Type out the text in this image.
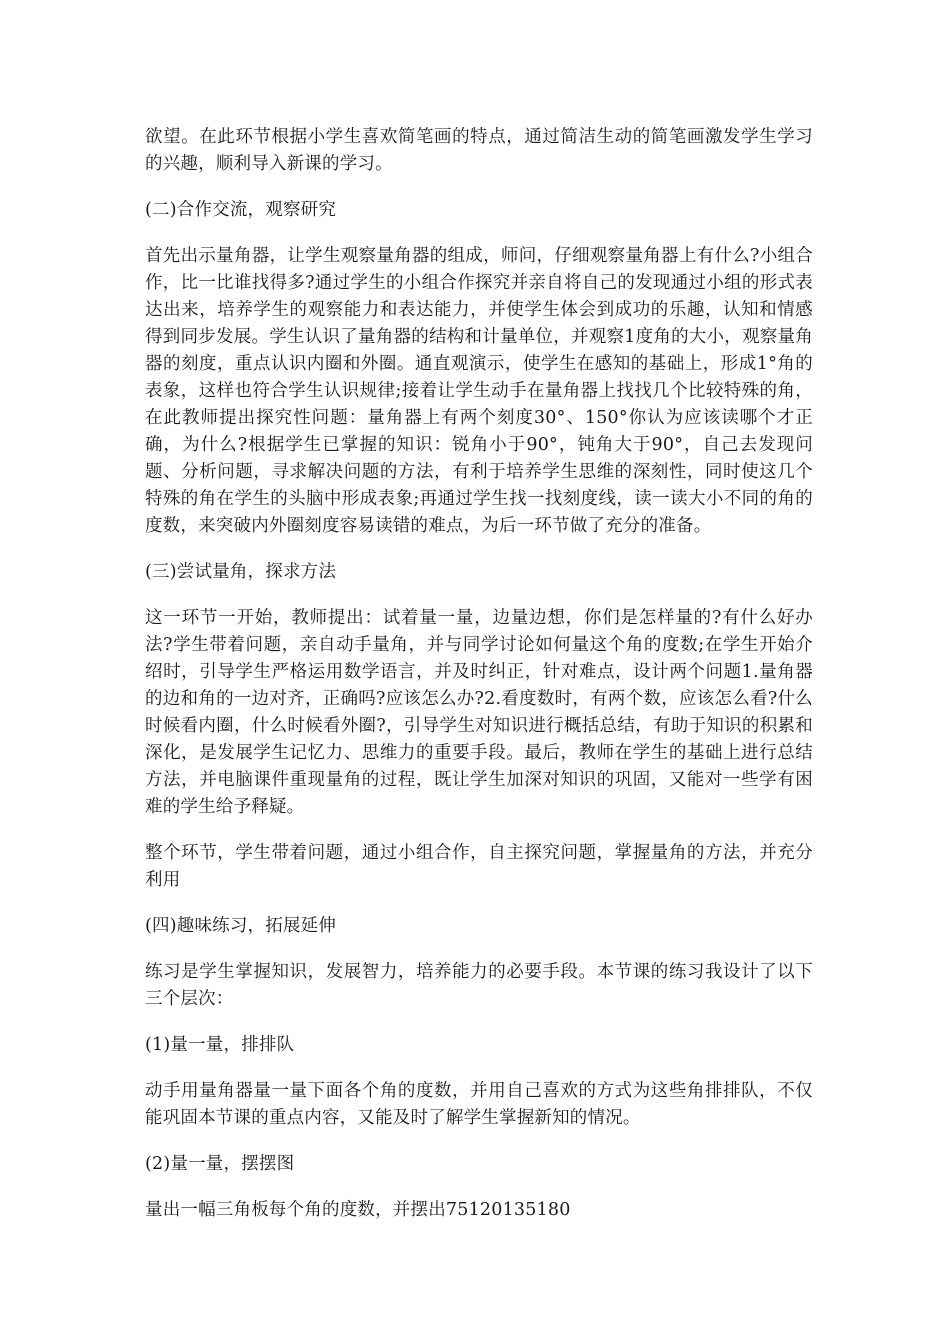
欲望。在此环节根据小学生喜欢简笔画的特点，通过简洁生动的简笔画激发学生学习的兴趣，顺利导入新课的学习。

(二)合作交流，观察研究

首先出示量角器，让学生观察量角器的组成，师问，仔细观察量角器上有什么?小组合作，比一比谁找得多?通过学生的小组合作探究并亲自将自己的发现通过小组的形式表达出来，培养学生的观察能力和表达能力，并使学生体会到成功的乐趣，认知和情感得到同步发展。学生认识了量角器的结构和计量单位，并观察1度角的大小，观察量角器的刻度，重点认识内圈和外圈。通直观演示，使学生在感知的基础上，形成1°角的表象，这样也符合学生认识规律;接着让学生动手在量角器上找找几个比较特殊的角，在此教师提出探究性问题：量角器上有两个刻度30°、150°你认为应该读哪个才正确，为什么?根据学生已掌握的知识：锐角小于90°，钝角大于90°，自己去发现问题、分析问题，寻求解决问题的方法，有利于培养学生思维的深刻性，同时使这几个特殊的角在学生的头脑中形成表象;再通过学生找一找刻度线，读一读大小不同的角的度数，来突破内外圈刻度容易读错的难点，为后一环节做了充分的准备。

(三)尝试量角，探求方法

这一环节一开始，教师提出：试着量一量，边量边想，你们是怎样量的?有什么好办法?学生带着问题，亲自动手量角，并与同学讨论如何量这个角的度数;在学生开始介绍时，引导学生严格运用数学语言，并及时纠正，针对难点，设计两个问题1.量角器的边和角的一边对齐，正确吗?应该怎么办?2.看度数时，有两个数，应该怎么看?什么时候看内圈，什么时候看外圈?，引导学生对知识进行概括总结，有助于知识的积累和深化，是发展学生记忆力、思维力的重要手段。最后，教师在学生的基础上进行总结方法，并电脑课件重现量角的过程，既让学生加深对知识的巩固，又能对一些学有困难的学生给予释疑。

整个环节，学生带着问题，通过小组合作，自主探究问题，掌握量角的方法，并充分利用

(四)趣味练习，拓展延伸

练习是学生掌握知识，发展智力，培养能力的必要手段。本节课的练习我设计了以下三个层次：

(1)量一量，排排队

动手用量角器量一量下面各个角的度数，并用自己喜欢的方式为这些角排排队，不仅能巩固本节课的重点内容，又能及时了解学生掌握新知的情况。

(2)量一量，摆摆图

量出一幅三角板每个角的度数，并摆出75120135180
